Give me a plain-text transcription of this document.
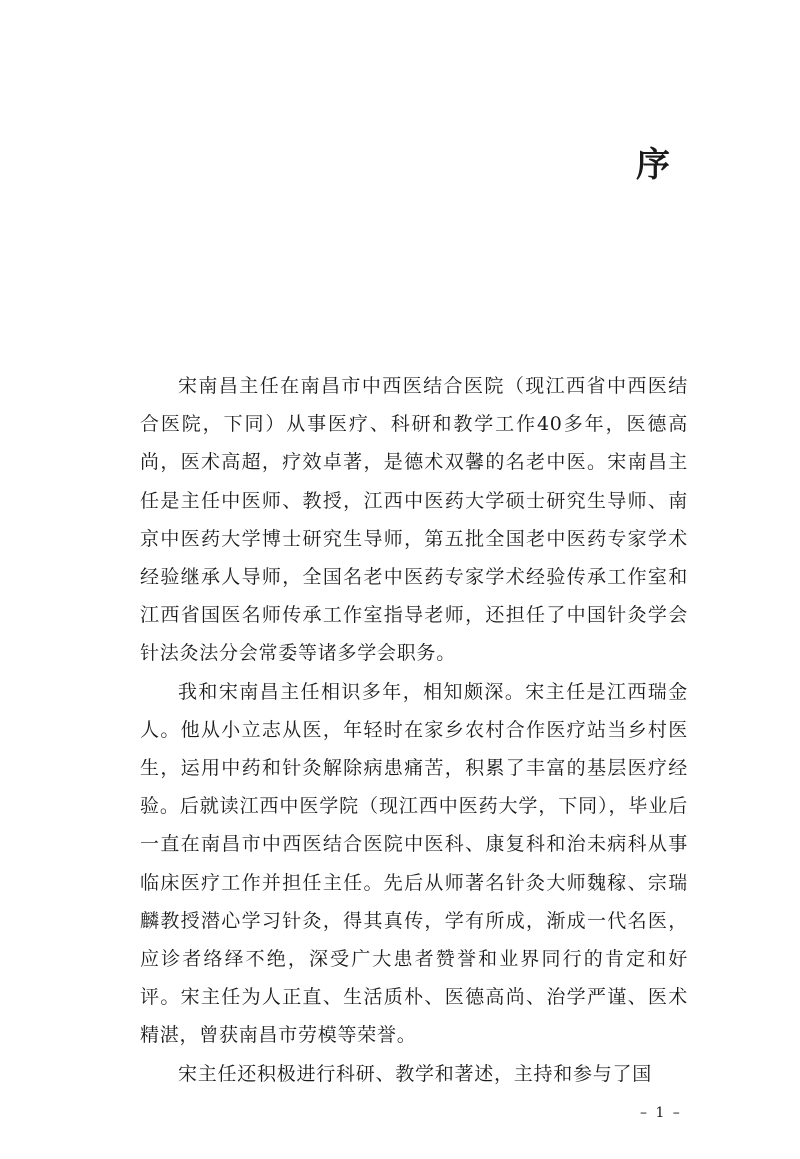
序

宋南昌主任在南昌市中西医结合医院（现江西省中西医结合医院，下同）从事医疗、科研和教学工作40多年，医德高尚，医术高超，疗效卓著，是德术双馨的名老中医。宋南昌主任是主任中医师、教授，江西中医药大学硕士研究生导师、南京中医药大学博士研究生导师，第五批全国老中医药专家学术经验继承人导师，全国名老中医药专家学术经验传承工作室和江西省国医名师传承工作室指导老师，还担任了中国针灸学会针法灸法分会常委等诸多学会职务。

我和宋南昌主任相识多年，相知颇深。宋主任是江西瑞金人。他从小立志从医，年轻时在家乡农村合作医疗站当乡村医生，运用中药和针灸解除病患痛苦，积累了丰富的基层医疗经验。后就读江西中医学院（现江西中医药大学，下同），毕业后一直在南昌市中西医结合医院中医科、康复科和治未病科从事临床医疗工作并担任主任。先后从师著名针灸大师魏稼、宗瑞麟教授潜心学习针灸，得其真传，学有所成，渐成一代名医，应诊者络绎不绝，深受广大患者赞誉和业界同行的肯定和好评。宋主任为人正直、生活质朴、医德高尚、治学严谨、医术精湛，曾获南昌市劳模等荣誉。

宋主任还积极进行科研、教学和著述，主持和参与了国

– 1 –
